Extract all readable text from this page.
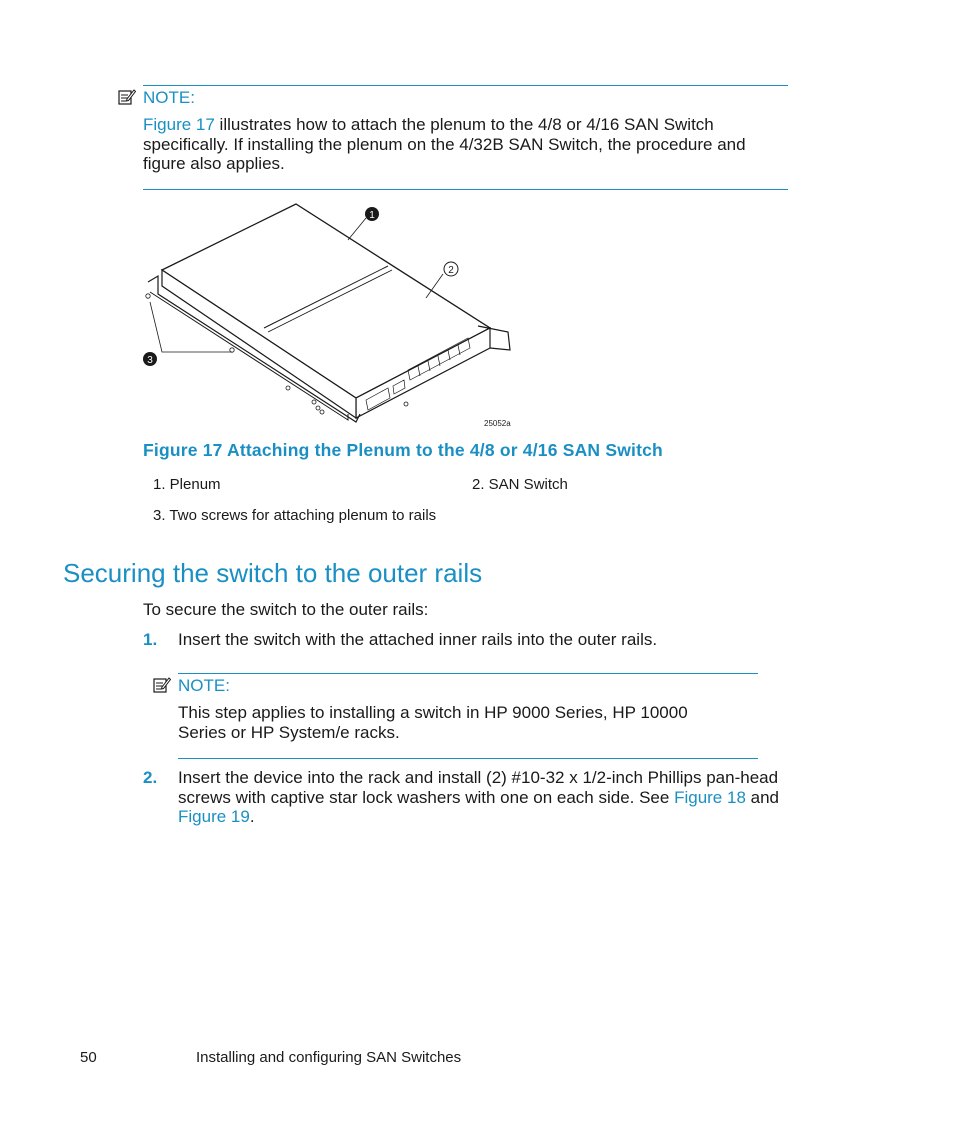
NOTE:
Figure 17 illustrates how to attach the plenum to the 4/8 or 4/16 SAN Switch
specifically. If installing the plenum on the 4/32B SAN Switch, the procedure and
figure also applies.
1
2
3
25052a
Figure 17 Attaching the Plenum to the 4/8 or 4/16 SAN Switch
1. Plenum	2. SAN Switch
3. Two screws for attaching plenum to rails
Securing the switch to the outer rails
To secure the switch to the outer rails:
1. Insert the switch with the attached inner rails into the outer rails.
NOTE:
This step applies to installing a switch in HP 9000 Series, HP 10000
Series or HP System/e racks.
2. Insert the device into the rack and install (2) #10-32 x 1/2-inch Phillips pan-head
screws with captive star lock washers with one on each side. See Figure 18 and
Figure 19.
50	Installing and configuring SAN Switches
